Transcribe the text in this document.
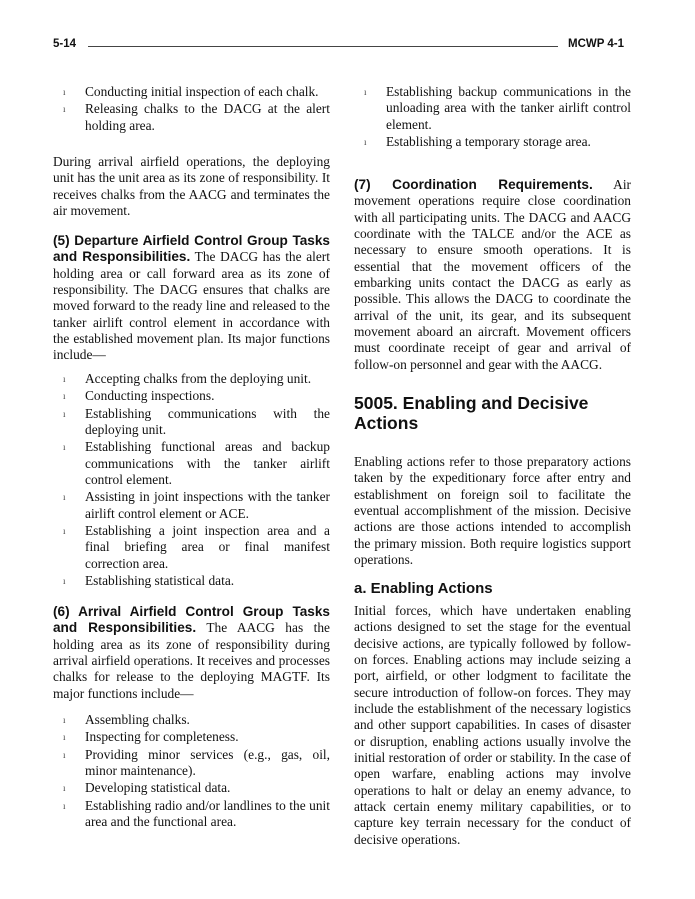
5-14	MCWP 4-1
ı Conducting initial inspection of each chalk.
ı Releasing chalks to the DACG at the alert holding area.

During arrival airfield operations, the deploying unit has the unit area as its zone of responsibility. It receives chalks from the AACG and terminates the air movement.

(5) Departure Airfield Control Group Tasks and Responsibilities. The DACG has the alert holding area or call forward area as its zone of responsibility. The DACG ensures that chalks are moved forward to the ready line and released to the tanker airlift control element in accordance with the established movement plan. Its major functions include—

ı Accepting chalks from the deploying unit.
ı Conducting inspections.
ı Establishing communications with the deploying unit.
ı Establishing functional areas and backup communications with the tanker airlift control element.
ı Assisting in joint inspections with the tanker airlift control element or ACE.
ı Establishing a joint inspection area and a final briefing area or final manifest correction area.
ı Establishing statistical data.

(6) Arrival Airfield Control Group Tasks and Responsibilities. The AACG has the holding area as its zone of responsibility during arrival airfield operations. It receives and processes chalks for release to the deploying MAGTF. Its major functions include—

ı Assembling chalks.
ı Inspecting for completeness.
ı Providing minor services (e.g., gas, oil, minor maintenance).
ı Developing statistical data.
ı Establishing radio and/or landlines to the unit area and the functional area.
ı Establishing backup communications in the unloading area with the tanker airlift control element.
ı Establishing a temporary storage area.

(7) Coordination Requirements. Air movement operations require close coordination with all participating units. The DACG and AACG coordinate with the TALCE and/or the ACE as necessary to ensure smooth operations. It is essential that the movement officers of the embarking units contact the DACG as early as possible. This allows the DACG to coordinate the arrival of the unit, its gear, and its subsequent movement aboard an aircraft. Movement officers must coordinate receipt of gear and arrival of follow-on personnel and gear with the AACG.

5005. Enabling and Decisive Actions

Enabling actions refer to those preparatory actions taken by the expeditionary force after entry and establishment on foreign soil to facilitate the eventual accomplishment of the mission. Decisive actions are those actions intended to accomplish the primary mission. Both require logistics support operations.

a. Enabling Actions

Initial forces, which have undertaken enabling actions designed to set the stage for the eventual decisive actions, are typically followed by follow-on forces. Enabling actions may include seizing a port, airfield, or other lodgment to facilitate the secure introduction of follow-on forces. They may include the establishment of the necessary logistics and other support capabilities. In cases of disaster or disruption, enabling actions usually involve the initial restoration of order or stability. In the case of open warfare, enabling actions may involve operations to halt or delay an enemy advance, to attack certain enemy military capabilities, or to capture key terrain necessary for the conduct of decisive operations.
